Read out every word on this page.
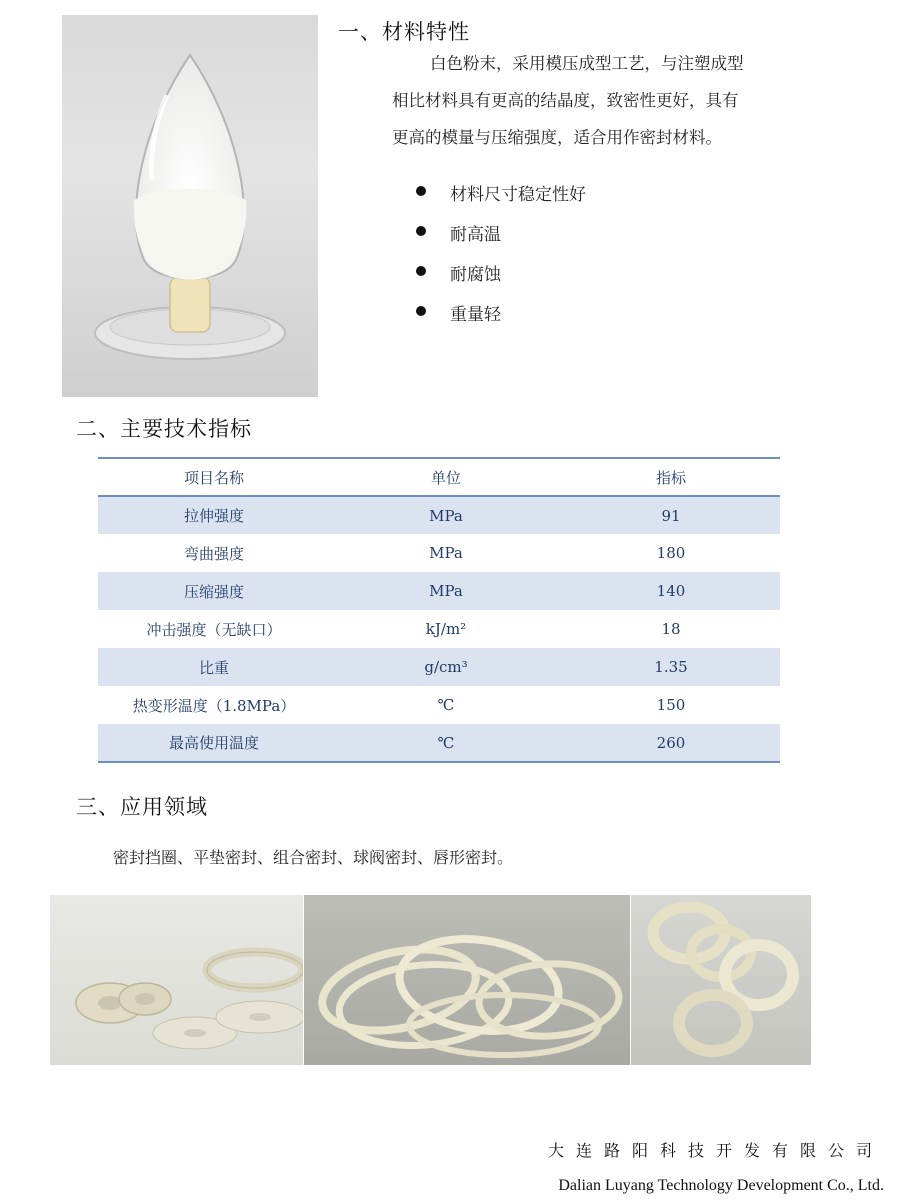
一、材料特性
白色粉末，采用模压成型工艺，与注塑成型
相比材料具有更高的结晶度，致密性更好，具有
更高的模量与压缩强度，适合用作密封材料。
材料尺寸稳定性好
耐高温
耐腐蚀
重量轻
二、主要技术指标
项目名称	单位	指标
拉伸强度	MPa	91
弯曲强度	MPa	180
压缩强度	MPa	140
冲击强度（无缺口）	kJ/m²	18
比重	g/cm³	1.35
热变形温度（1.8MPa）	℃	150
最高使用温度	℃	260
三、应用领域
密封挡圈、平垫密封、组合密封、球阀密封、唇形密封。
大连路阳科技开发有限公司
Dalian Luyang Technology Development Co., Ltd.
